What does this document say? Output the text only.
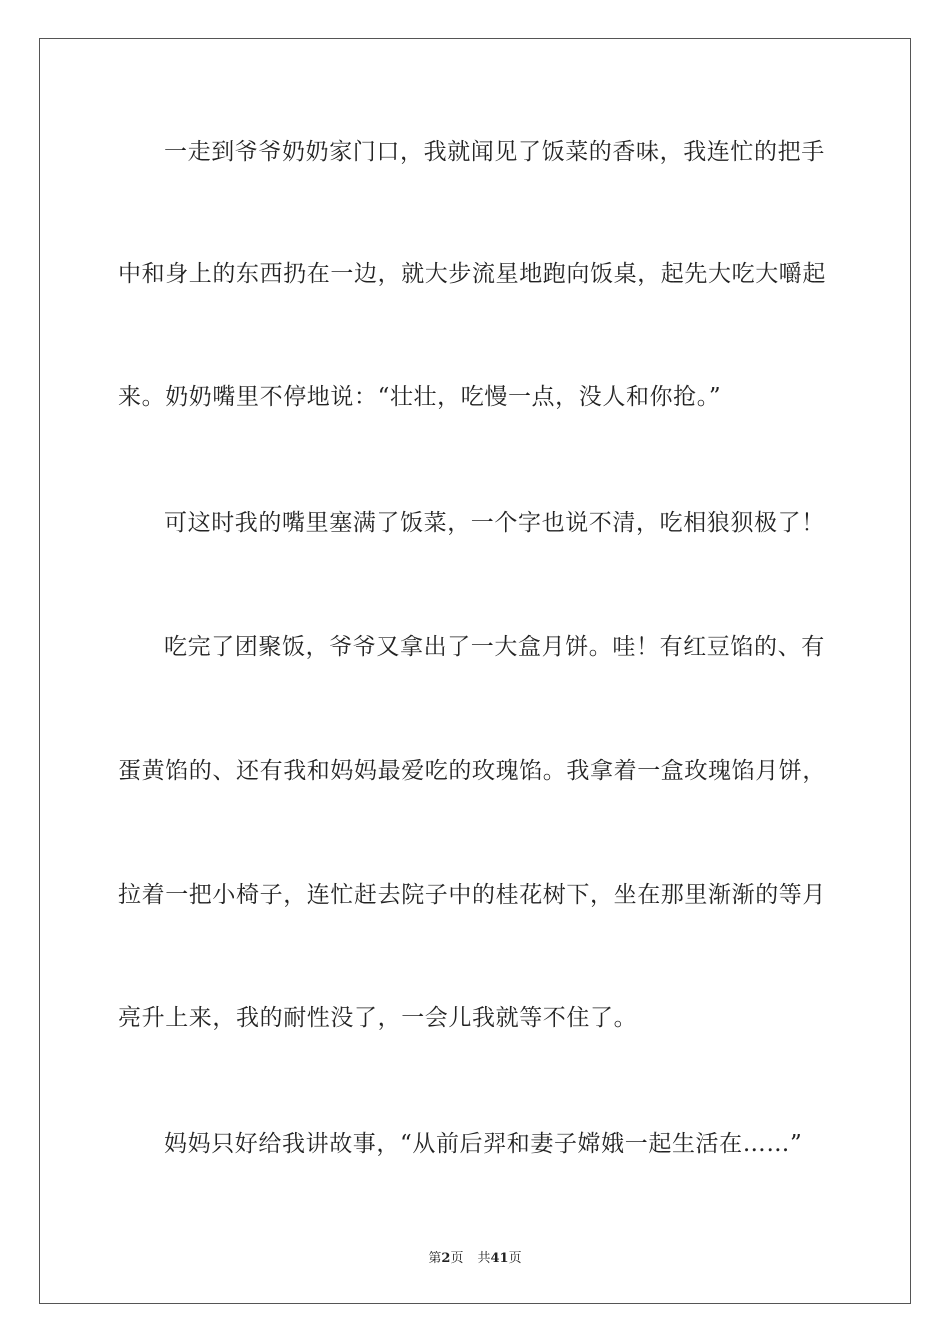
一走到爷爷奶奶家门口，我就闻见了饭菜的香味，我连忙的把手
中和身上的东西扔在一边，就大步流星地跑向饭桌，起先大吃大嚼起
来。奶奶嘴里不停地说：“壮壮，吃慢一点，没人和你抢。”
可这时我的嘴里塞满了饭菜，一个字也说不清，吃相狼狈极了！
吃完了团聚饭，爷爷又拿出了一大盒月饼。哇！有红豆馅的、有
蛋黄馅的、还有我和妈妈最爱吃的玫瑰馅。我拿着一盒玫瑰馅月饼，
拉着一把小椅子，连忙赶去院子中的桂花树下，坐在那里渐渐的等月
亮升上来，我的耐性没了，一会儿我就等不住了。
妈妈只好给我讲故事，“从前后羿和妻子嫦娥一起生活在……”
第2页 共41页
